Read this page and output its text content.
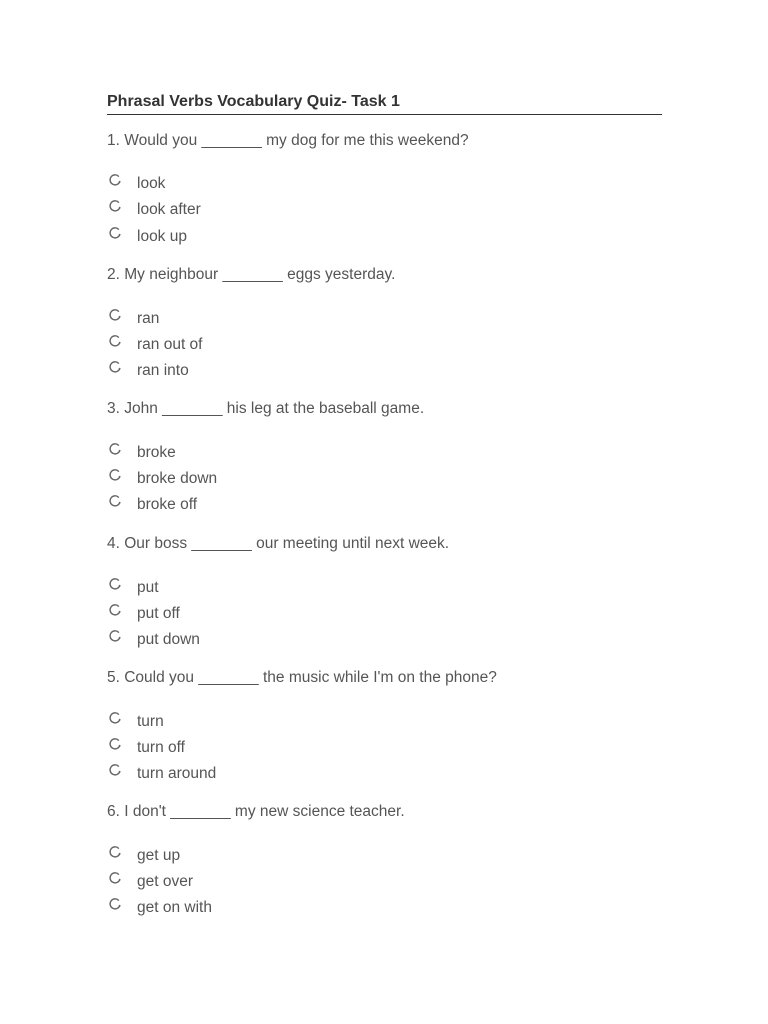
Phrasal Verbs Vocabulary Quiz- Task 1
1. Would you _______ my dog for me this weekend?
look
look after
look up
2. My neighbour _______ eggs yesterday.
ran
ran out of
ran into
3. John _______ his leg at the baseball game.
broke
broke down
broke off
4. Our boss _______ our meeting until next week.
put
put off
put down
5. Could you _______ the music while I'm on the phone?
turn
turn off
turn around
6. I don't _______ my new science teacher.
get up
get over
get on with
